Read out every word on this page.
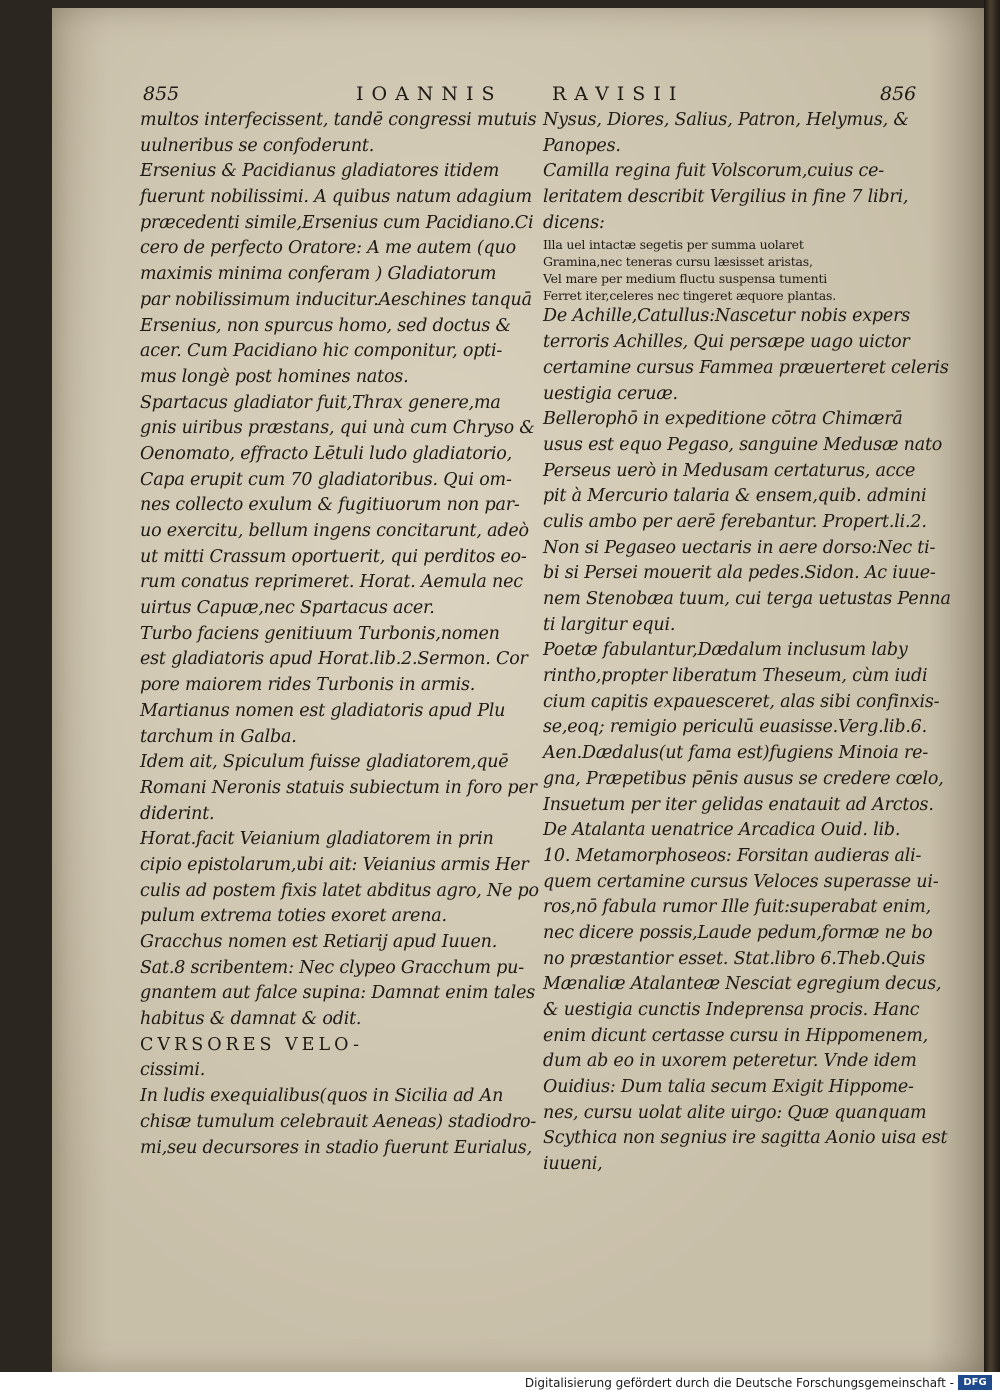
855	IOANNIS	RAVISII	856
multos interfecissent, tandē congressi mutuis
uulneribus se confoderunt.
Ersenius & Pacidianus gladiatores itidem
fuerunt nobilissimi. A quibus natum adagium
præcedenti simile,Ersenius cum Pacidiano.Ci
cero de perfecto Oratore: A me autem (quo
maximis minima conferam ) Gladiatorum
par nobilissimum inducitur.Aeschines tanquā
Ersenius, non spurcus homo, sed doctus &
acer. Cum Pacidiano hic componitur, opti-
mus longè post homines natos.
Spartacus gladiator fuit,Thrax genere,ma
gnis uiribus præstans, qui unà cum Chryso &
Oenomato, effracto Lētuli ludo gladiatorio,
Capa erupit cum 70 gladiatoribus. Qui om-
nes collecto exulum & fugitiuorum non par-
uo exercitu, bellum ingens concitarunt, adeò
ut mitti Crassum oportuerit, qui perditos eo-
rum conatus reprimeret. Horat. Aemula nec
uirtus Capuæ,nec Spartacus acer.
Turbo faciens genitiuum Turbonis,nomen
est gladiatoris apud Horat.lib.2.Sermon. Cor
pore maiorem rides Turbonis in armis.
Martianus nomen est gladiatoris apud Plu
tarchum in Galba.
Idem ait, Spiculum fuisse gladiatorem,quē
Romani Neronis statuis subiectum in foro per
diderint.
Horat.facit Veianium gladiatorem in prin
cipio epistolarum,ubi ait: Veianius armis Her
culis ad postem fixis latet abditus agro, Ne po
pulum extrema toties exoret arena.
Gracchus nomen est Retiarij apud Iuuen.
Sat.8 scribentem: Nec clypeo Gracchum pu-
gnantem aut falce supina: Damnat enim tales
habitus & damnat & odit.
CVRSORES VELO-
cissimi.
In ludis exequialibus(quos in Sicilia ad An
chisæ tumulum celebrauit Aeneas) stadiodro-
mi,seu decursores in stadio fuerunt Eurialus,
Nysus, Diores, Salius, Patron, Helymus, &
Panopes.
Camilla regina fuit Volscorum,cuius ce-
leritatem describit Vergilius in fine 7 libri,
dicens:
Illa uel intactæ segetis per summa uolaret
Gramina,nec teneras cursu læsisset aristas,
Vel mare per medium fluctu suspensa tumenti
Ferret iter,celeres nec tingeret æquore plantas.
De Achille,Catullus:Nascetur nobis expers
terroris Achilles, Qui persæpe uago uictor
certamine cursus Fammea præuerteret celeris
uestigia ceruæ.
Bellerophō in expeditione cōtra Chimærā
usus est equo Pegaso, sanguine Medusæ nato
Perseus uerò in Medusam certaturus, acce
pit à Mercurio talaria & ensem,quib. admini
culis ambo per aerē ferebantur. Propert.li.2.
Non si Pegaseo uectaris in aere dorso:Nec ti-
bi si Persei mouerit ala pedes.Sidon. Ac iuue-
nem Stenobæa tuum, cui terga uetustas Penna
ti largitur equi.
Poetæ fabulantur,Dædalum inclusum laby
rintho,propter liberatum Theseum, cùm iudi
cium capitis expauesceret, alas sibi confinxis-
se,eoq; remigio periculū euasisse.Verg.lib.6.
Aen.Dædalus(ut fama est)fugiens Minoia re-
gna, Præpetibus pēnis ausus se credere cœlo,
Insuetum per iter gelidas enatauit ad Arctos.
De Atalanta uenatrice Arcadica Ouid. lib.
10. Metamorphoseos: Forsitan audieras ali-
quem certamine cursus Veloces superasse ui-
ros,nō fabula rumor Ille fuit:superabat enim,
nec dicere possis,Laude pedum,formæ ne bo
no præstantior esset. Stat.libro 6.Theb.Quis
Mænaliæ Atalanteæ Nesciat egregium decus,
& uestigia cunctis Indeprensa procis. Hanc
enim dicunt certasse cursu in Hippomenem,
dum ab eo in uxorem peteretur. Vnde idem
Ouidius: Dum talia secum Exigit Hippome-
nes, cursu uolat alite uirgo: Quæ quanquam
Scythica non segnius ire sagitta Aonio uisa est
iuueni,
Digitalisierung gefördert durch die Deutsche Forschungsgemeinschaft - DFG
